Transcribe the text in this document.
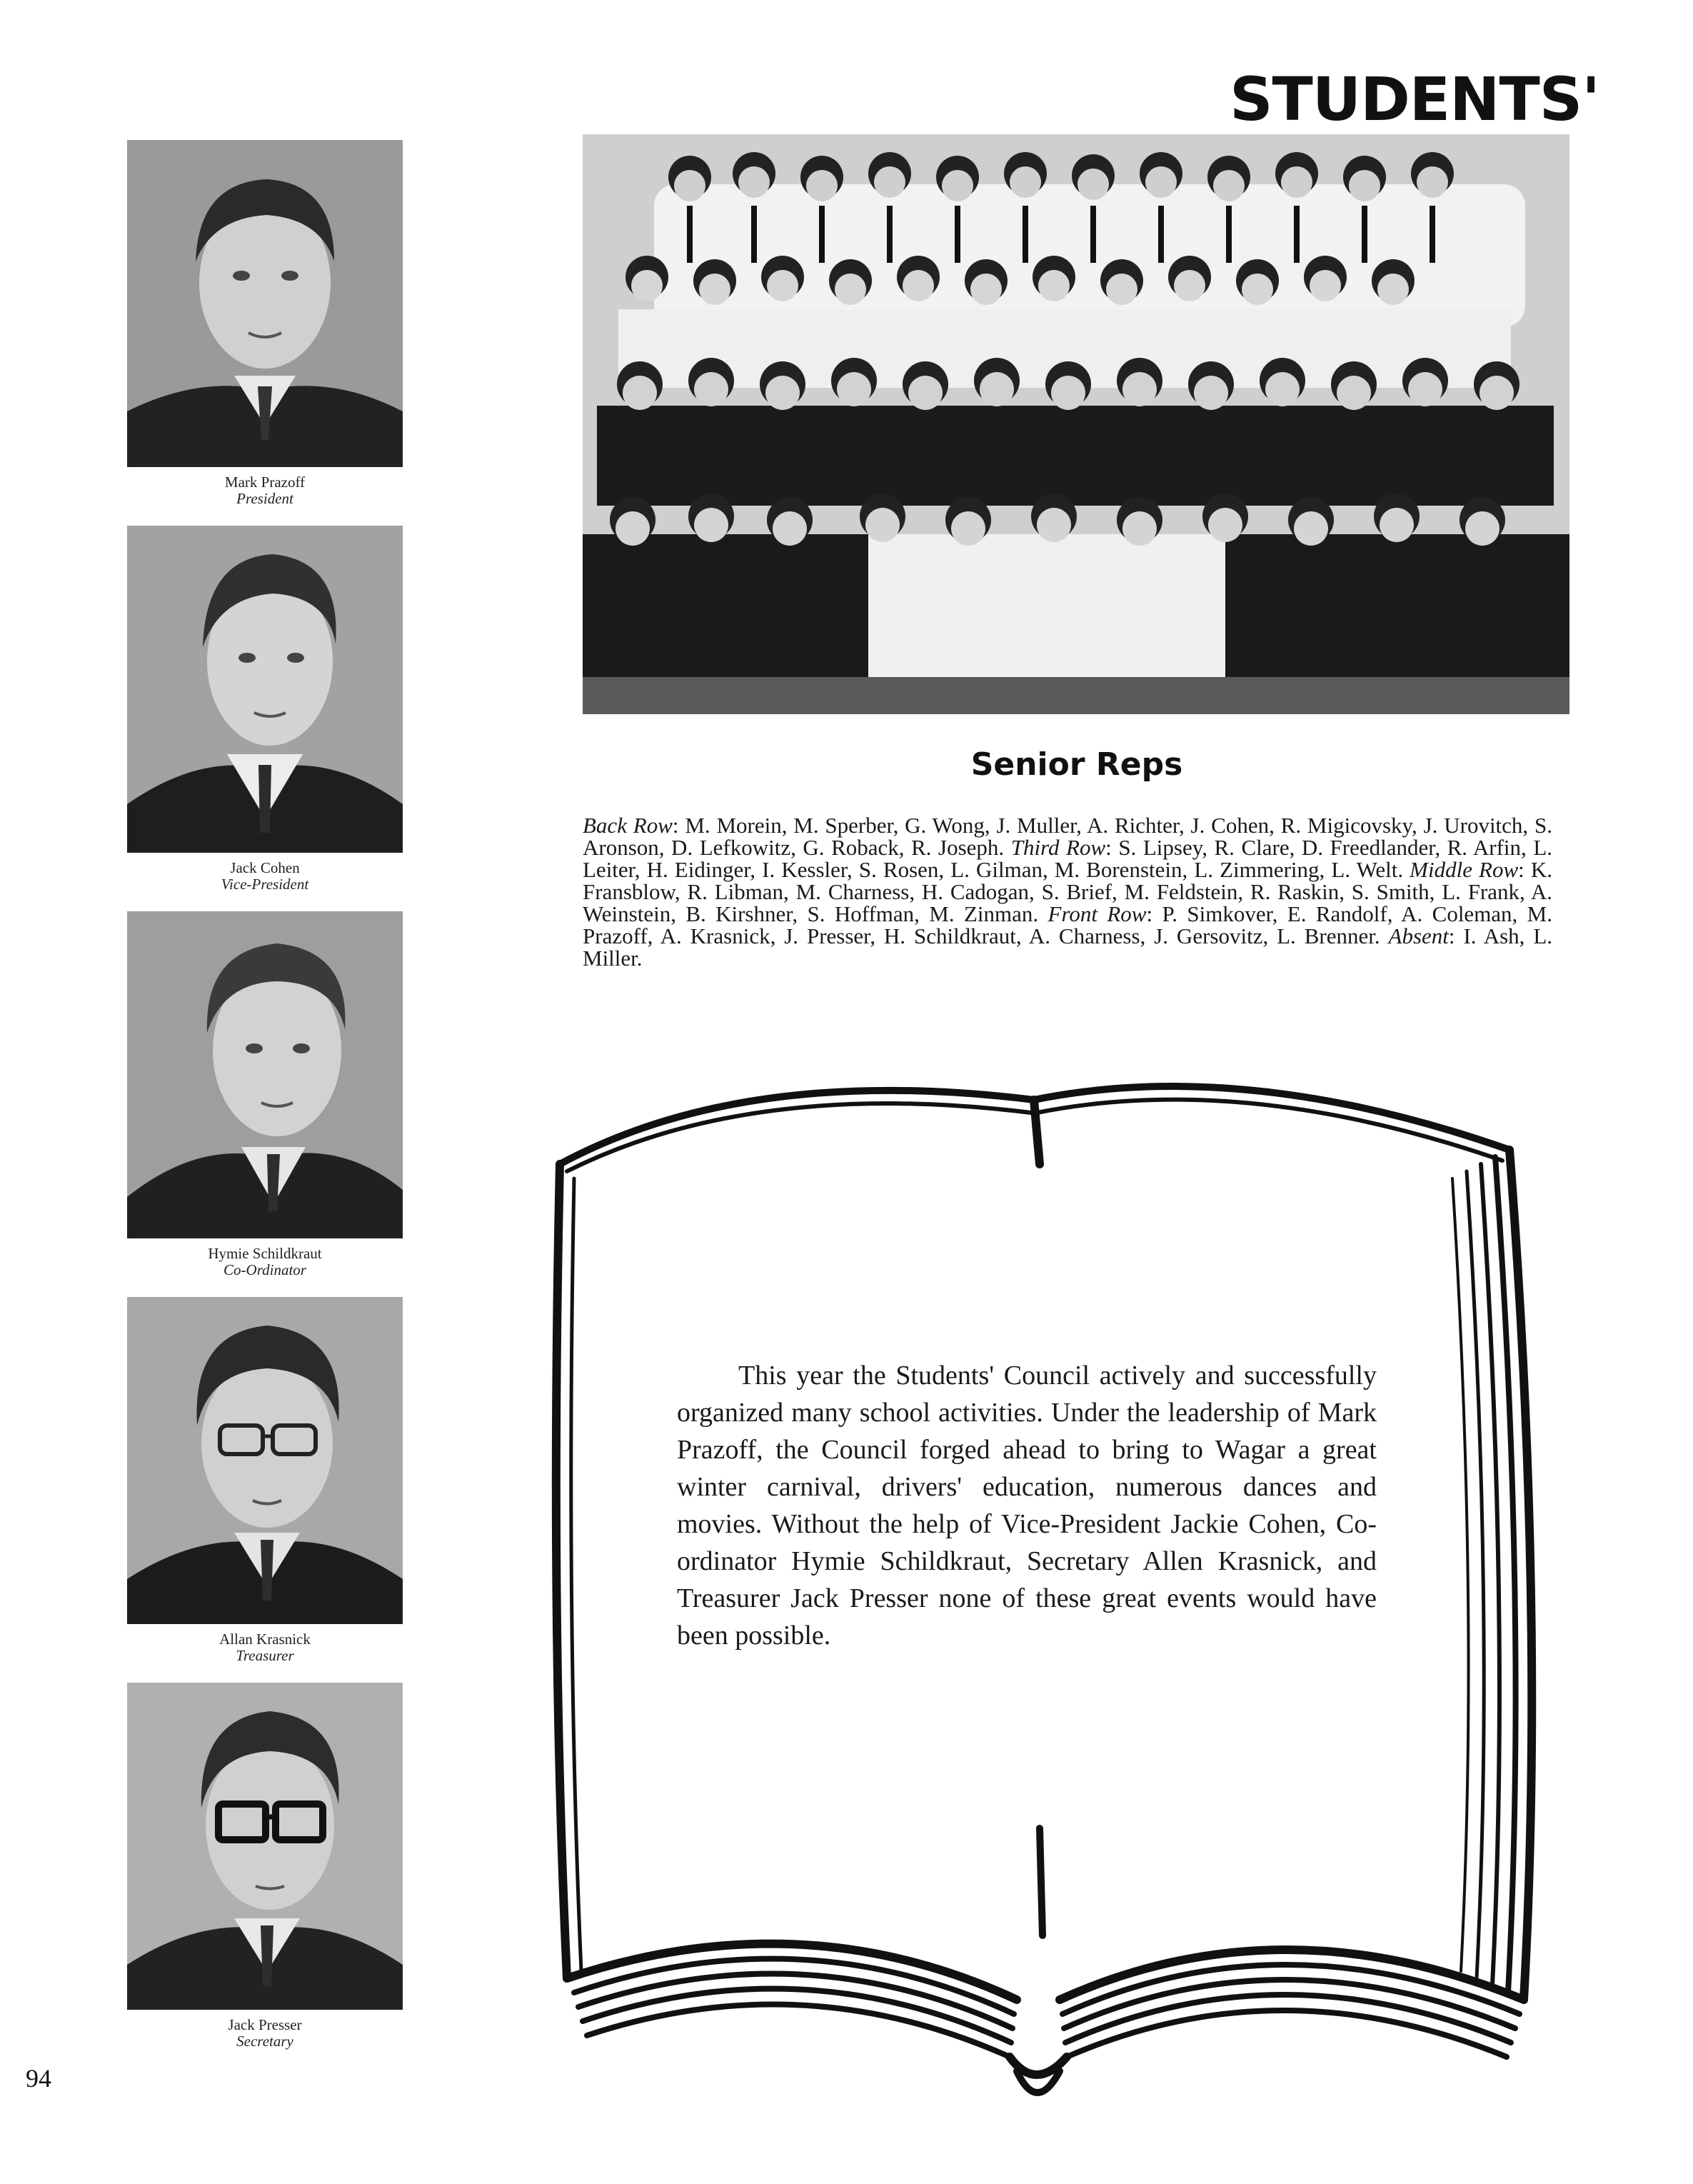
STUDENTS'
Mark Prazoff
President
Jack Cohen
Vice-President
Hymie Schildkraut
Co-Ordinator
Allan Krasnick
Treasurer
Jack Presser
Secretary
Senior Reps
Back Row: M. Morein, M. Sperber, G. Wong, J. Muller, A. Richter, J. Cohen, R. Migicovsky, J. Urovitch, S. Aronson, D. Lefkowitz, G. Roback, R. Joseph. Third Row: S. Lipsey, R. Clare, D. Freedlander, R. Arfin, L. Leiter, H. Eidinger, I. Kessler, S. Rosen, L. Gilman, M. Borenstein, L. Zimmering, L. Welt. Middle Row: K. Fransblow, R. Libman, M. Charness, H. Cadogan, S. Brief, M. Feldstein, R. Raskin, S. Smith, L. Frank, A. Weinstein, B. Kirshner, S. Hoffman, M. Zinman. Front Row: P. Simkover, E. Randolf, A. Coleman, M. Prazoff, A. Krasnick, J. Presser, H. Schildkraut, A. Charness, J. Gersovitz, L. Brenner. Absent: I. Ash, L. Miller.
This year the Students' Council actively and successfully organized many school activities. Under the leadership of Mark Prazoff, the Council forged ahead to bring to Wagar a great winter carnival, drivers' education, numerous dances and movies. Without the help of Vice-President Jackie Cohen, Co-ordinator Hymie Schildkraut, Secretary Allen Krasnick, and Treasurer Jack Presser none of these great events would have been possible.
94
